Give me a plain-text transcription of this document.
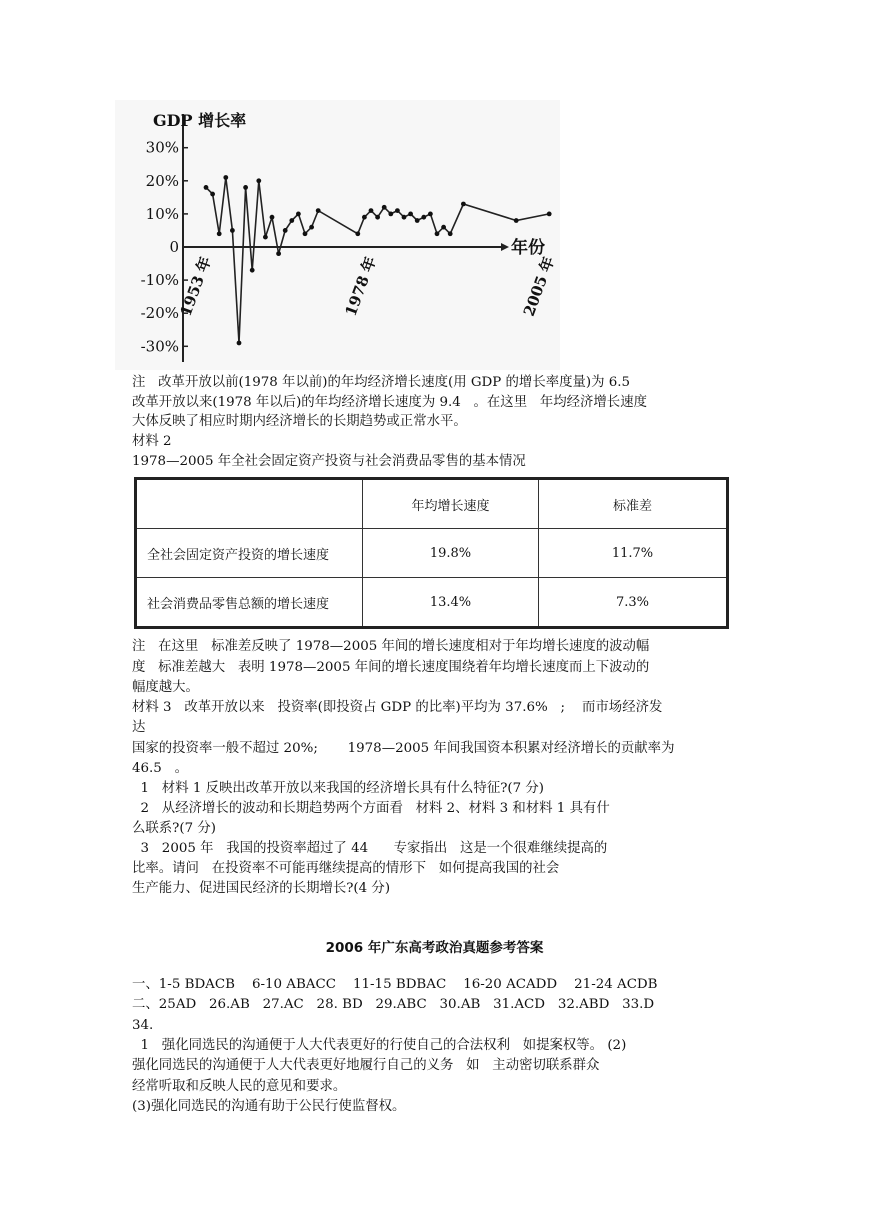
30%
20%
10%
0
-10%
-20%
-30%
GDP 增长率
年份
1953 年	1978 年	2005 年
注   改革开放以前(1978 年以前)的年均经济增长速度(用 GDP 的增长率度量)为 6.5
改革开放以来(1978 年以后)的年均经济增长速度为 9.4   。在这里   年均经济增长速度
大体反映了相应时期内经济增长的长期趋势或正常水平。
材料 2
1978—2005 年全社会固定资产投资与社会消费品零售的基本情况
	年均增长速度	标准差
全社会固定资产投资的增长速度	19.8%	11.7%
社会消费品零售总额的增长速度	13.4%	7.3%
注   在这里   标准差反映了 1978—2005 年间的增长速度相对于年均增长速度的波动幅
度   标准差越大   表明 1978—2005 年间的增长速度围绕着年均增长速度而上下波动的
幅度越大。
材料 3   改革开放以来   投资率(即投资占 GDP 的比率)平均为 37.6%   ;    而市场经济发
达
国家的投资率一般不超过 20%;       1978—2005 年间我国资本积累对经济增长的贡献率为
46.5   。
1   材料 1 反映出改革开放以来我国的经济增长具有什么特征?(7 分)
2   从经济增长的波动和长期趋势两个方面看   材料 2、材料 3 和材料 1 具有什
么联系?(7 分)
3   2005 年   我国的投资率超过了 44      专家指出   这是一个很难继续提高的
比率。请问   在投资率不可能再继续提高的情形下   如何提高我国的社会
生产能力、促进国民经济的长期增长?(4 分)
2006 年广东高考政治真题参考答案
一、1-5 BDACB    6-10 ABACC    11-15 BDBAC    16-20 ACADD    21-24 ACDB
二、25AD   26.AB   27.AC   28. BD   29.ABC   30.AB   31.ACD   32.ABD   33.D
34.
1   强化同选民的沟通便于人大代表更好的行使自己的合法权利   如提案权等。 (2)
强化同选民的沟通便于人大代表更好地履行自己的义务   如   主动密切联系群众
经常听取和反映人民的意见和要求。
(3)强化同选民的沟通有助于公民行使监督权。
